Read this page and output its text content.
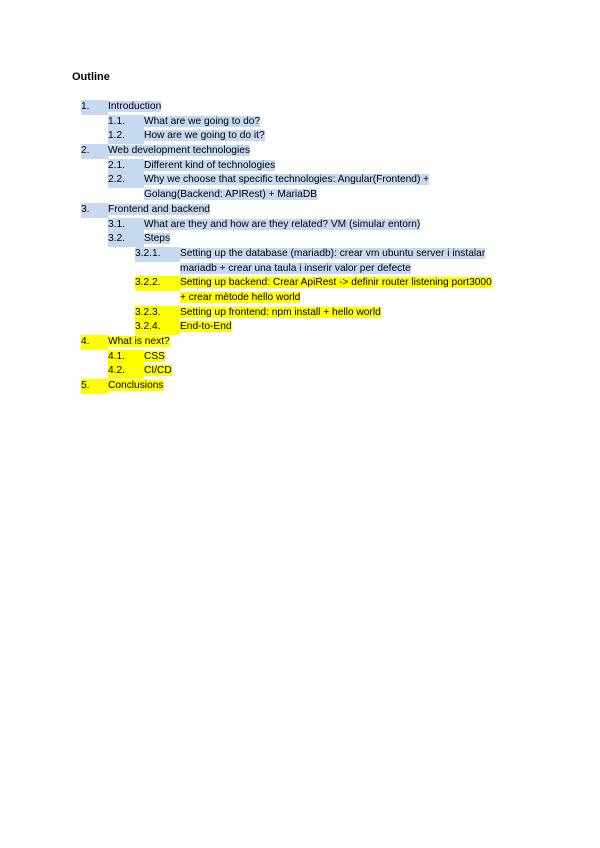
Outline
1.	Introduction
1.1.	What are we going to do?
1.2.	How are we going to do it?
2.	Web development technologies
2.1.	Different kind of technologies
2.2.	Why we choose that specific technologies: Angular(Frontend) +
Golang(Backend: APIRest) + MariaDB
3.	Frontend and backend
3.1.	What are they and how are they related? VM (simular entorn)
3.2.	Steps
3.2.1.	Setting up the database (mariadb): crear vm ubuntu server i instalar
mariadb + crear una taula i inserir valor per defecte
3.2.2.	Setting up backend: Crear ApiRest -> definir router listening port3000
+ crear mètode hello world
3.2.3.	Setting up frontend: npm install + hello world
3.2.4.	End-to-End
4.	What is next?
4.1.	CSS
4.2.	CI/CD
5.	Conclusions
